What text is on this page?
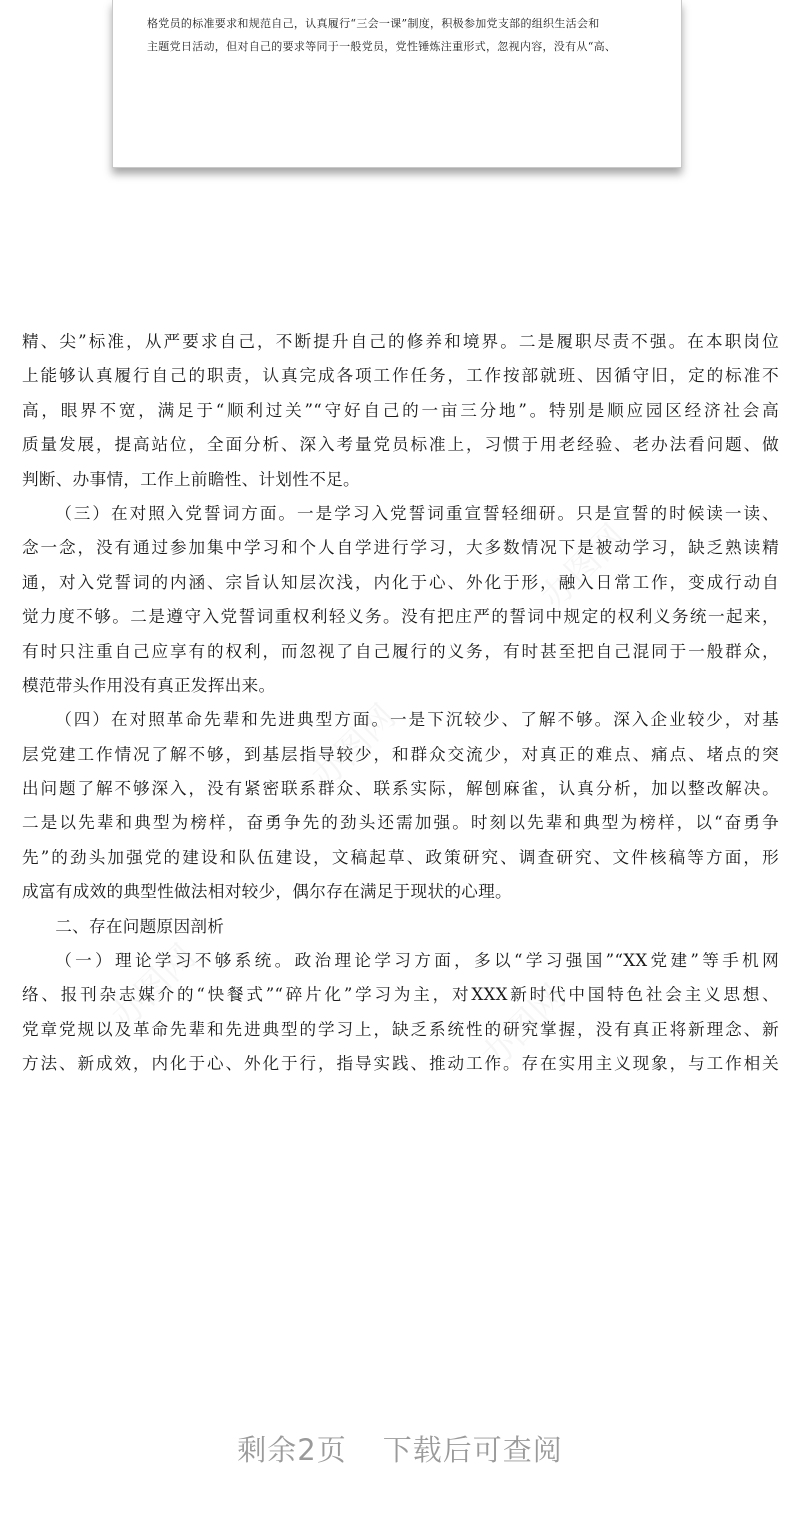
格党员的标准要求和规范自己，认真履行“三会一课”制度，积极参加党支部的组织生活会和
主题党日活动，但对自己的要求等同于一般党员，党性锤炼注重形式，忽视内容，没有从“高、
办图网
办图网
办图网
办图网
精、尖”标准，从严要求自己，不断提升自己的修养和境界。二是履职尽责不强。在本职岗位
上能够认真履行自己的职责，认真完成各项工作任务，工作按部就班、因循守旧，定的标准不
高，眼界不宽，满足于“顺利过关”“守好自己的一亩三分地”。特别是顺应园区经济社会高
质量发展，提高站位，全面分析、深入考量党员标准上，习惯于用老经验、老办法看问题、做
判断、办事情，工作上前瞻性、计划性不足。
（三）在对照入党誓词方面。一是学习入党誓词重宣誓轻细研。只是宣誓的时候读一读、
念一念，没有通过参加集中学习和个人自学进行学习，大多数情况下是被动学习，缺乏熟读精
通，对入党誓词的内涵、宗旨认知层次浅，内化于心、外化于形，融入日常工作，变成行动自
觉力度不够。二是遵守入党誓词重权利轻义务。没有把庄严的誓词中规定的权利义务统一起来，
有时只注重自己应享有的权利，而忽视了自己履行的义务，有时甚至把自己混同于一般群众，
模范带头作用没有真正发挥出来。
（四）在对照革命先辈和先进典型方面。一是下沉较少、了解不够。深入企业较少，对基
层党建工作情况了解不够，到基层指导较少，和群众交流少，对真正的难点、痛点、堵点的突
出问题了解不够深入，没有紧密联系群众、联系实际，解刨麻雀，认真分析，加以整改解决。
二是以先辈和典型为榜样，奋勇争先的劲头还需加强。时刻以先辈和典型为榜样，以“奋勇争
先”的劲头加强党的建设和队伍建设，文稿起草、政策研究、调查研究、文件核稿等方面，形
成富有成效的典型性做法相对较少，偶尔存在满足于现状的心理。
二、存在问题原因剖析
（一）理论学习不够系统。政治理论学习方面，多以“学习强国”“XX党建”等手机网
络、报刊杂志媒介的“快餐式”“碎片化”学习为主，对XXX新时代中国特色社会主义思想、
党章党规以及革命先辈和先进典型的学习上，缺乏系统性的研究掌握，没有真正将新理念、新
方法、新成效，内化于心、外化于行，指导实践、推动工作。存在实用主义现象，与工作相关
剩余2页 下载后可查阅
